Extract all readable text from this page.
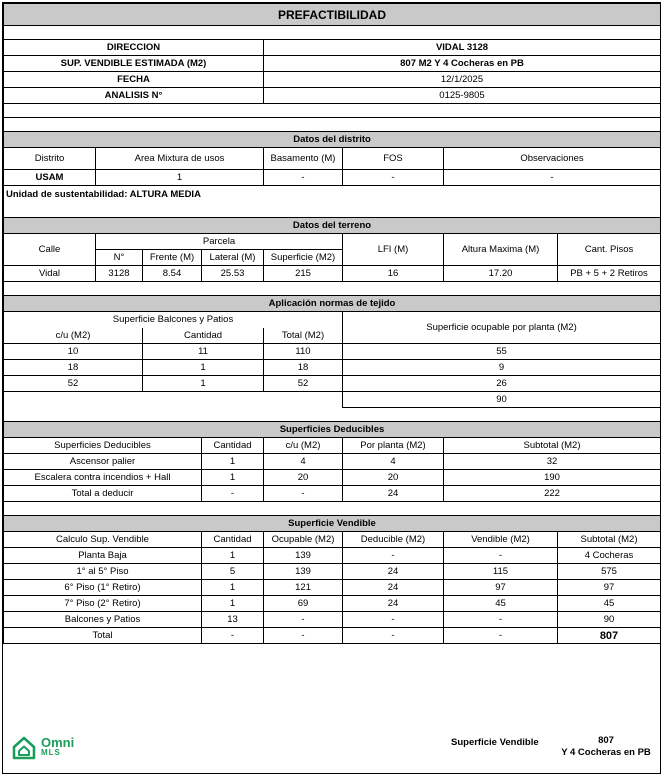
PREFACTIBILIDAD							

DIRECCION				VIDAL 3128			
SUP. VENDIBLE ESTIMADA (M2)				807 M2 Y 4 Cocheras en PB			
FECHA				12/1/2025			
ANALISIS N°				0125-9805			

Datos del distrito							
Distrito	Area Mixtura de usos			Basamento (M)	FOS	Observaciones	
USAM	1			-	-	-	
Unidad de sustentabilidad: ALTURA MEDIA							

Datos del terreno							
Calle	Parcela				LFI (M)	Altura Maxima (M)	Cant. Pisos
	N°	Frente (M)	Lateral (M)	Superficie (M2)			
Vidal	3128	8.54	25.53	215	16	17.20	PB + 5 + 2 Retiros

Aplicación normas de tejido							
Superficie Balcones y Patios					Superficie ocupable por planta (M2)		
c/u (M2)		Cantidad		Total (M2)			
10		11		110	55		
18		1		18	9		
52		1		52	26		
					90		

Superficies Deducibles							
Superficies Deducibles			Cantidad	c/u (M2)	Por planta (M2)	Subtotal (M2)	
Ascensor palier			1	4	4	32	
Escalera contra incendios + Hall			1	20	20	190	
Total a deducir			-	-	24	222	

Superficie Vendible							
Calculo Sup. Vendible			Cantidad	Ocupable (M2)	Deducible (M2)	Vendible (M2)	Subtotal (M2)
Planta Baja			1	139	-	-	4 Cocheras
1° al 5° Piso			5	139	24	115	575
6° Piso (1° Retiro)			1	121	24	97	97
7° Piso (2° Retiro)			1	69	24	45	45
Balcones y Patios			13	-	-	-	90
Total			-	-	-	-	807
Omni
MLS
Superficie Vendible	807
Y 4 Cocheras en PB
